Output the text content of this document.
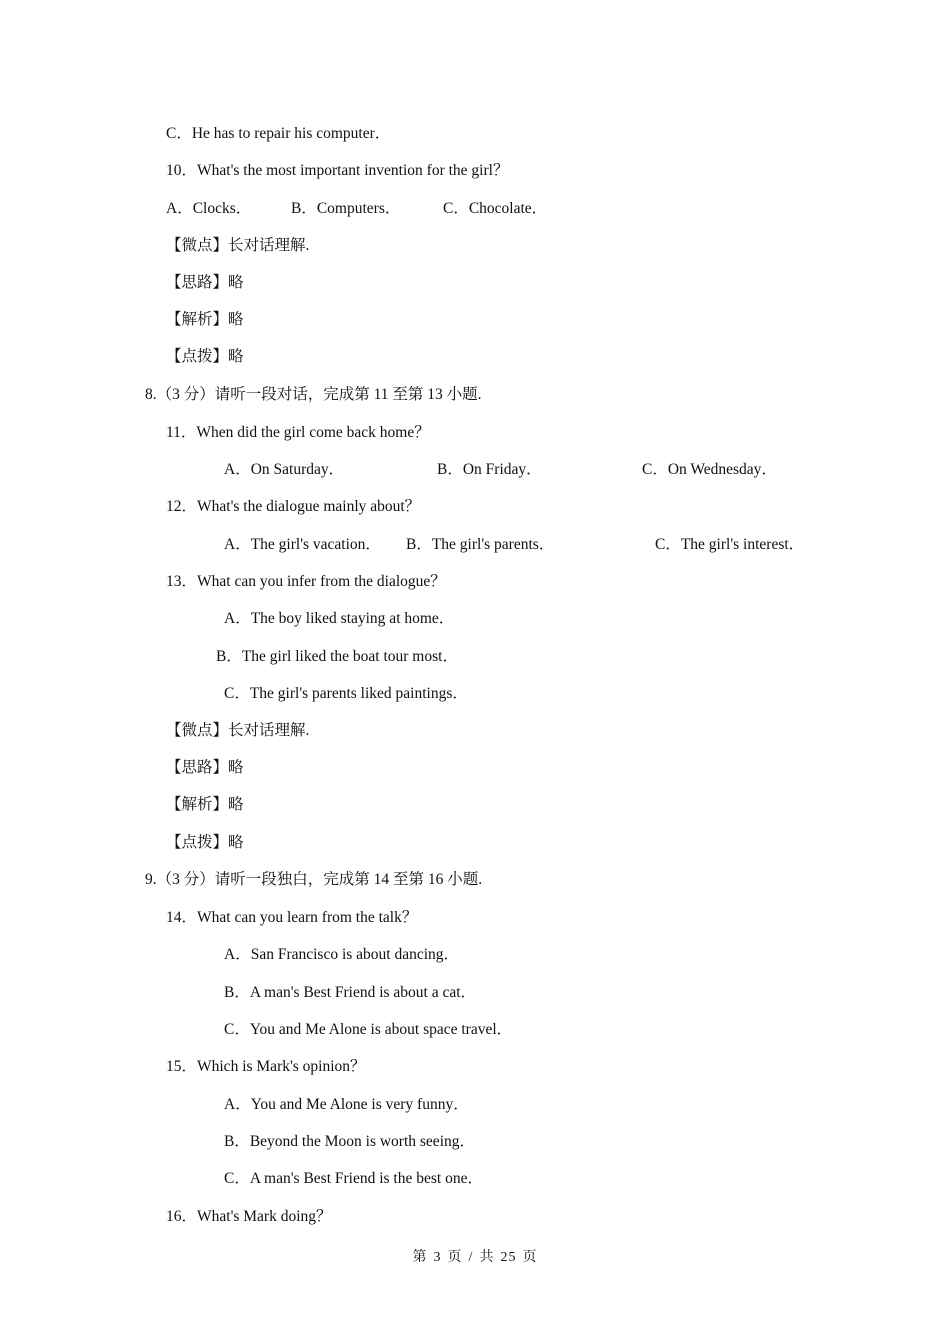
C．He has to repair his computer．
10．What's the most important invention for the girl？
A．Clocks．	B．Computers．	C．Chocolate．
【微点】长对话理解.
【思路】略
【解析】略
【点拨】略
8.（3 分）请听一段对话，完成第 11 至第 13 小题.
11．When did the girl come back home？
A．On Saturday．	B．On Friday．	C．On Wednesday．
12．What's the dialogue mainly about？
A．The girl's vacation． B．The girl's parents．	C．The girl's interest．
13．What can you infer from the dialogue？
A．The boy liked staying at home．
B．The girl liked the boat tour most．
C．The girl's parents liked paintings．
【微点】长对话理解.
【思路】略
【解析】略
【点拨】略
9.（3 分）请听一段独白，完成第 14 至第 16 小题.
14．What can you learn from the talk？
A．San Francisco is about dancing．
B．A man's Best Friend is about a cat．
C．You and Me Alone is about space travel．
15．Which is Mark's opinion？
A．You and Me Alone is very funny．
B．Beyond the Moon is worth seeing．
C．A man's Best Friend is the best one．
16．What's Mark doing？
第 3 页 / 共 25 页
